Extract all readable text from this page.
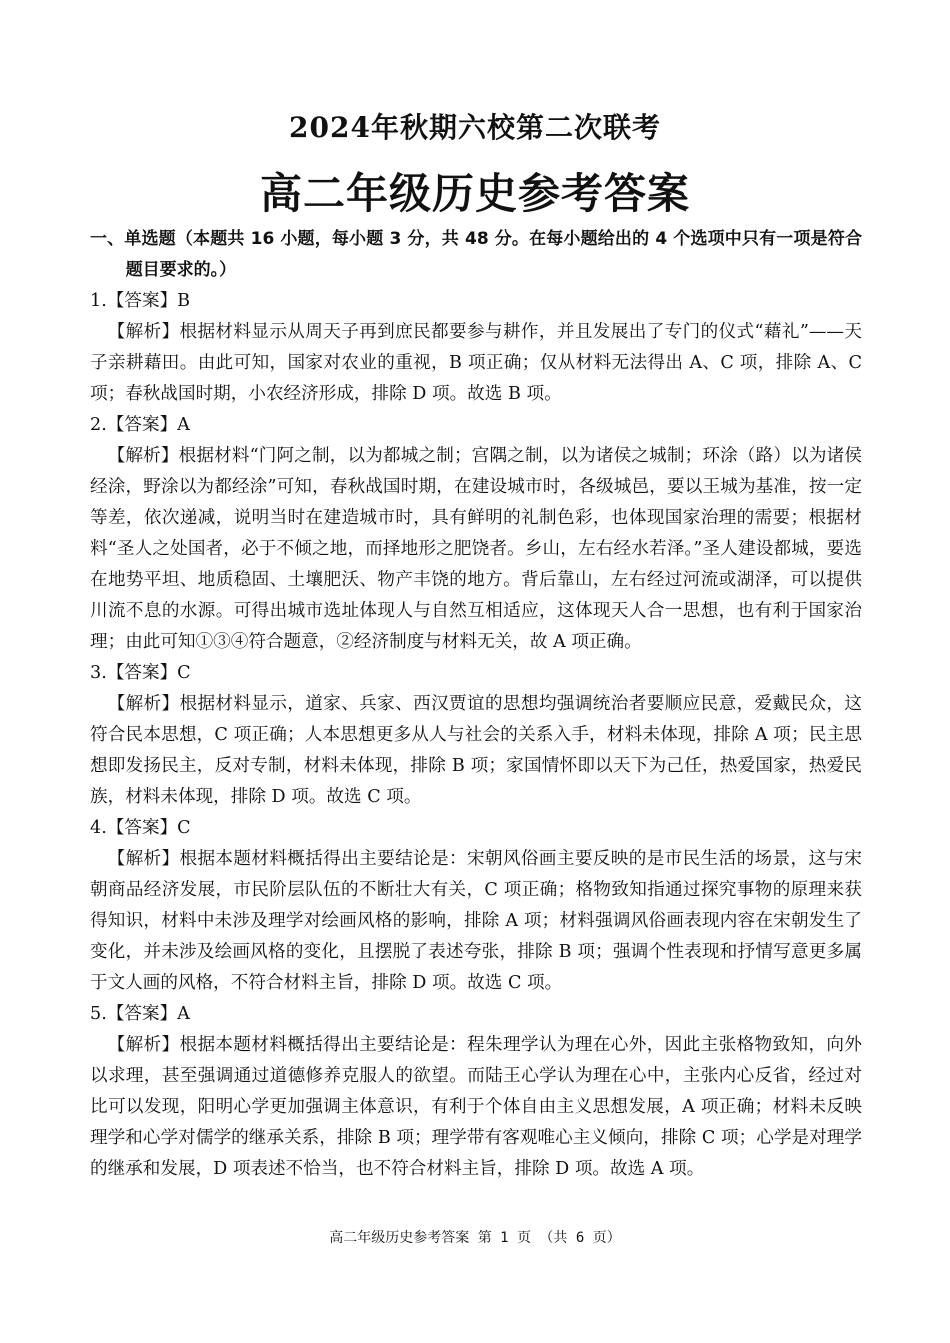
2024年秋期六校第二次联考
高二年级历史参考答案

一、单选题（本题共 16 小题，每小题 3 分，共 48 分。在每小题给出的 4 个选项中只有一项是符合题目要求的。）

1.【答案】B

【解析】根据材料显示从周天子再到庶民都要参与耕作，并且发展出了专门的仪式“藉礼”——天子亲耕藉田。由此可知，国家对农业的重视，B 项正确；仅从材料无法得出 A、C 项，排除 A、C 项；春秋战国时期，小农经济形成，排除 D 项。故选 B 项。

2.【答案】A

【解析】根据材料“门阿之制，以为都城之制；宫隅之制，以为诸侯之城制；环涂（路）以为诸侯经涂，野涂以为都经涂”可知，春秋战国时期，在建设城市时，各级城邑，要以王城为基准，按一定等差，依次递减，说明当时在建造城市时，具有鲜明的礼制色彩，也体现国家治理的需要；根据材料“圣人之处国者，必于不倾之地，而择地形之肥饶者。乡山，左右经水若泽。”圣人建设都城，要选在地势平坦、地质稳固、土壤肥沃、物产丰饶的地方。背后靠山，左右经过河流或湖泽，可以提供川流不息的水源。可得出城市选址体现人与自然互相适应，这体现天人合一思想，也有利于国家治理；由此可知①③④符合题意，②经济制度与材料无关，故 A 项正确。

3.【答案】C

【解析】根据材料显示，道家、兵家、西汉贾谊的思想均强调统治者要顺应民意，爱戴民众，这符合民本思想，C 项正确；人本思想更多从人与社会的关系入手，材料未体现，排除 A 项；民主思想即发扬民主，反对专制，材料未体现，排除 B 项；家国情怀即以天下为己任，热爱国家，热爱民族，材料未体现，排除 D 项。故选 C 项。

4.【答案】C

【解析】根据本题材料概括得出主要结论是：宋朝风俗画主要反映的是市民生活的场景，这与宋朝商品经济发展，市民阶层队伍的不断壮大有关，C 项正确；格物致知指通过探究事物的原理来获得知识，材料中未涉及理学对绘画风格的影响，排除 A 项；材料强调风俗画表现内容在宋朝发生了变化，并未涉及绘画风格的变化，且摆脱了表述夸张，排除 B 项；强调个性表现和抒情写意更多属于文人画的风格，不符合材料主旨，排除 D 项。故选 C 项。

5.【答案】A

【解析】根据本题材料概括得出主要结论是：程朱理学认为理在心外，因此主张格物致知，向外以求理，甚至强调通过道德修养克服人的欲望。而陆王心学认为理在心中，主张内心反省，经过对比可以发现，阳明心学更加强调主体意识，有利于个体自由主义思想发展，A 项正确；材料未反映理学和心学对儒学的继承关系，排除 B 项；理学带有客观唯心主义倾向，排除 C 项；心学是对理学的继承和发展，D 项表述不恰当，也不符合材料主旨，排除 D 项。故选 A 项。

高二年级历史参考答案 第 1 页 （共 6 页）
